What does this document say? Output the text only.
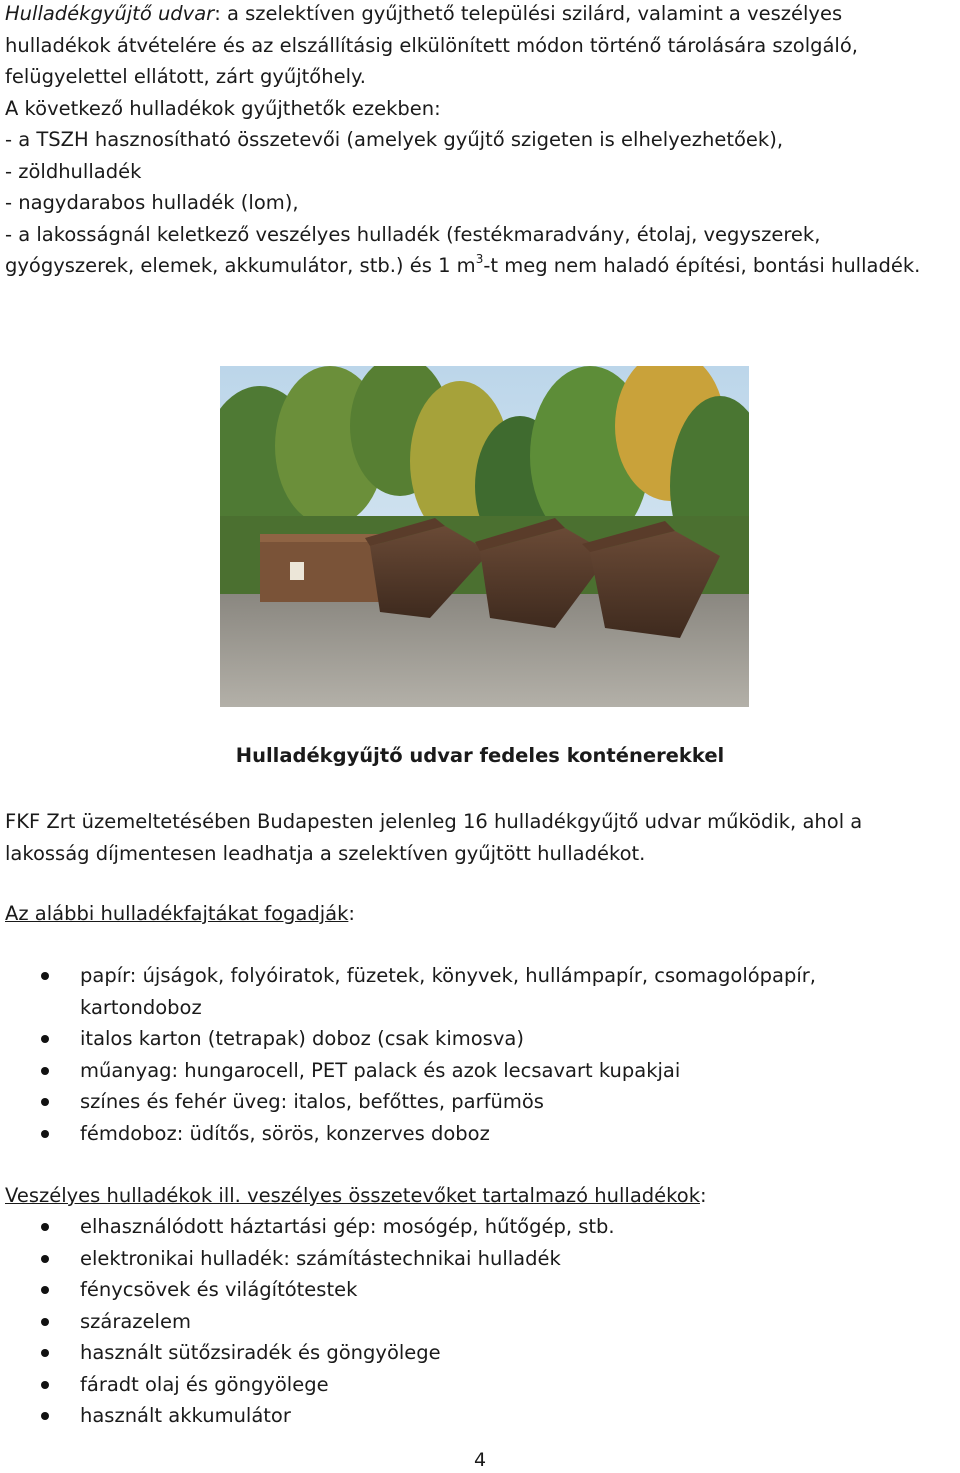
Hulladékgyűjtő udvar: a szelektíven gyűjthető települési szilárd, valamint a veszélyes
hulladékok átvételére és az elszállításig elkülönített módon történő tárolására szolgáló,
felügyelettel ellátott, zárt gyűjtőhely.
A következő hulladékok gyűjthetők ezekben:
- a TSZH hasznosítható összetevői (amelyek gyűjtő szigeten is elhelyezhetőek),
- zöldhulladék
- nagydarabos hulladék (lom),
- a lakosságnál keletkező veszélyes hulladék (festékmaradvány, étolaj, vegyszerek,
gyógyszerek, elemek, akkumulátor, stb.) és 1 $m^3-t$ meg nem haladó építési, bontási hulladék.
Hulladékgyűjtő udvar fedeles konténerekkel
FKF Zrt üzemeltetésében Budapesten jelenleg 16 hulladékgyűjtő udvar működik, ahol a
lakosság díjmentesen leadhatja a szelektíven gyűjtött hulladékot.
Az alábbi hulladékfajtákat fogadják:
papír: újságok, folyóiratok, füzetek, könyvek, hullámpapír, csomagolópapír,
kartondoboz
italos karton (tetrapak) doboz (csak kimosva)
műanyag: hungarocell, PET palack és azok lecsavart kupakjai
színes és fehér üveg: italos, befőttes, parfümös
fémdoboz: üdítős, sörös, konzerves doboz
Veszélyes hulladékok ill. veszélyes összetevőket tartalmazó hulladékok:
elhasználódott háztartási gép: mosógép, hűtőgép, stb.
elektronikai hulladék: számítástechnikai hulladék
fénycsövek és világítótestek
szárazelem
használt sütőzsiradék és göngyölege
fáradt olaj és göngyölege
használt akkumulátor
4
